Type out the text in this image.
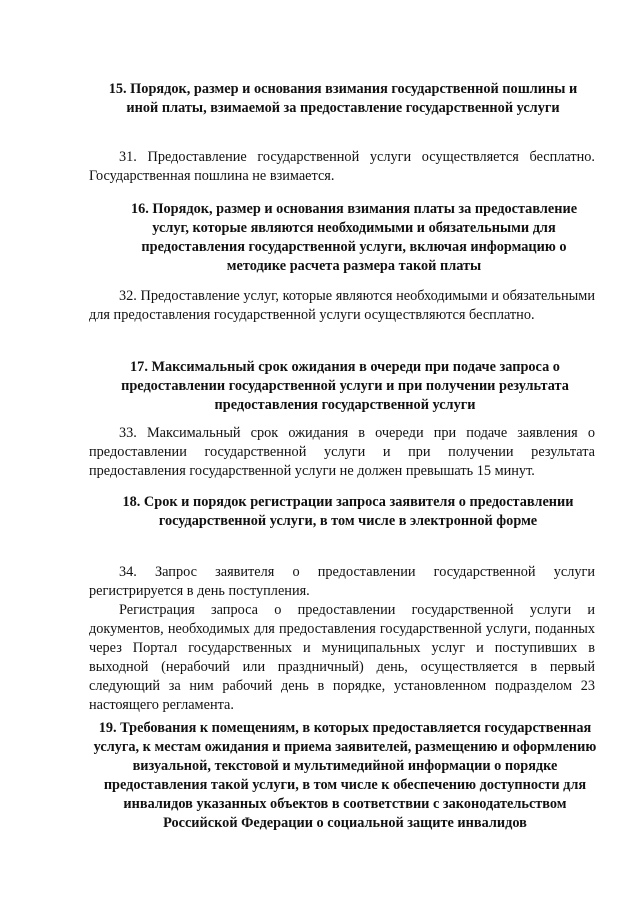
15. Порядок, размер и основания взимания государственной пошлины и иной платы, взимаемой за предоставление государственной услуги

31. Предоставление государственной услуги осуществляется бесплатно. Государственная пошлина не взимается.

16. Порядок, размер и основания взимания платы за предоставление услуг, которые являются необходимыми и обязательными для предоставления государственной услуги, включая информацию о методике расчета размера такой платы

32. Предоставление услуг, которые являются необходимыми и обязательными для предоставления государственной услуги осуществляются бесплатно.

17. Максимальный срок ожидания в очереди при подаче запроса о предоставлении государственной услуги и при получении результата предоставления государственной услуги

33. Максимальный срок ожидания в очереди при подаче заявления о предоставлении государственной услуги и при получении результата предоставления государственной услуги не должен превышать 15 минут.

18. Срок и порядок регистрации запроса заявителя о предоставлении государственной услуги, в том числе в электронной форме

34. Запрос заявителя о предоставлении государственной услуги регистрируется в день поступления.

Регистрация запроса о предоставлении государственной услуги и документов, необходимых для предоставления государственной услуги, поданных через Портал государственных и муниципальных услуг и поступивших в выходной (нерабочий или праздничный) день, осуществляется в первый следующий за ним рабочий день в порядке, установленном подразделом 23 настоящего регламента.

19. Требования к помещениям, в которых предоставляется государственная услуга, к местам ожидания и приема заявителей, размещению и оформлению визуальной, текстовой и мультимедийной информации о порядке предоставления такой услуги, в том числе к обеспечению доступности для инвалидов указанных объектов в соответствии с законодательством Российской Федерации о социальной защите инвалидов
